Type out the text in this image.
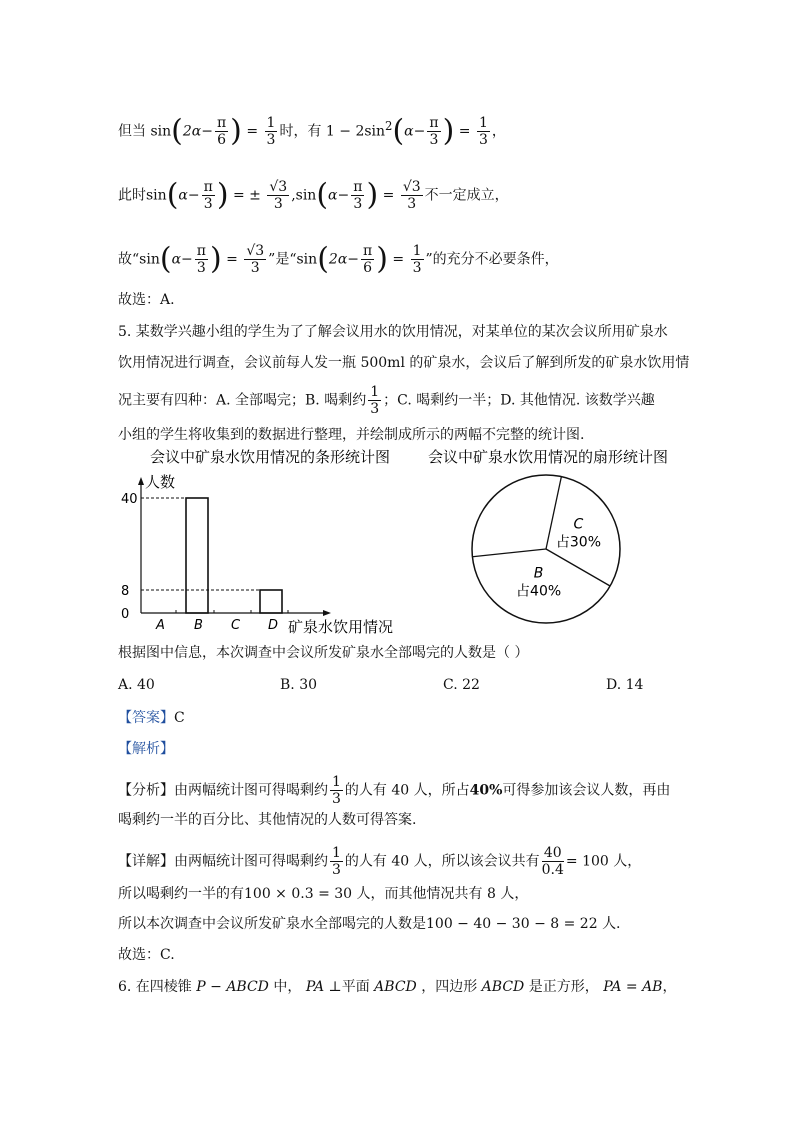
但当 $\sin(2\alpha- \frac{\pi}{6}$ ) = $\frac{1}{3}$ 时，有 $1 - 2\sin^2(\alpha- \frac{\pi}{3}$ ) = $\frac{1}{3}$ ，
此时$\sin(\alpha- \frac{\pi}{3}$ ) = ± $\frac{√3}{3} ,\sin(\alpha- \frac{\pi}{3}$ ) = $\frac{√3}{3}$ 不一定成立，
故“$\sin(\alpha- \frac{\pi}{3}$ ) = $\frac{√3}{3}$ ”是“$\sin(2\alpha- \frac{\pi}{6}$ ) = $\frac{1}{3}$ ”的充分不必要条件，
故选：A.
5. 某数学兴趣小组的学生为了了解会议用水的饮用情况，对某单位的某次会议所用矿泉水
饮用情况进行调查，会议前每人发一瓶 500ml 的矿泉水，会议后了解到所发的矿泉水饮用情
况主要有四种：A. 全部喝完；B. 喝剩约 $\frac{1}{3}$ ；C. 喝剩约一半；D. 其他情况. 该数学兴趣
小组的学生将收集到的数据进行整理，并绘制成所示的两幅不完整的统计图.
会议中矿泉水饮用情况的条形统计图	会议中矿泉水饮用情况的扇形统计图
人数
矿泉水饮用情况
0
8
40
A B C D
C
占30%
B
占40%
根据图中信息，本次调查中会议所发矿泉水全部喝完的人数是（ ）
A. 40	B. 30	C. 22	D. 14
【答案】C
【解析】
【分析】由两幅统计图可得喝剩约 $\frac{1}{3}$ 的人有 40 人，所占40%可得参加该会议人数，再由
喝剩约一半的百分比、其他情况的人数可得答案.
【详解】由两幅统计图可得喝剩约 $\frac{1}{3}$ 的人有 40 人，所以该会议共有 $\frac{40}{0.4} = 100$ 人，
所以喝剩约一半的有100 × 0.3 = 30 人，而其他情况共有 8 人，
所以本次调查中会议所发矿泉水全部喝完的人数是100 − 40 − 30 − 8 = 22 人.
故选：C.
6. 在四棱锥 P − ABCD 中， PA ⊥平面 ABCD ，四边形 ABCD 是正方形， PA = AB，
